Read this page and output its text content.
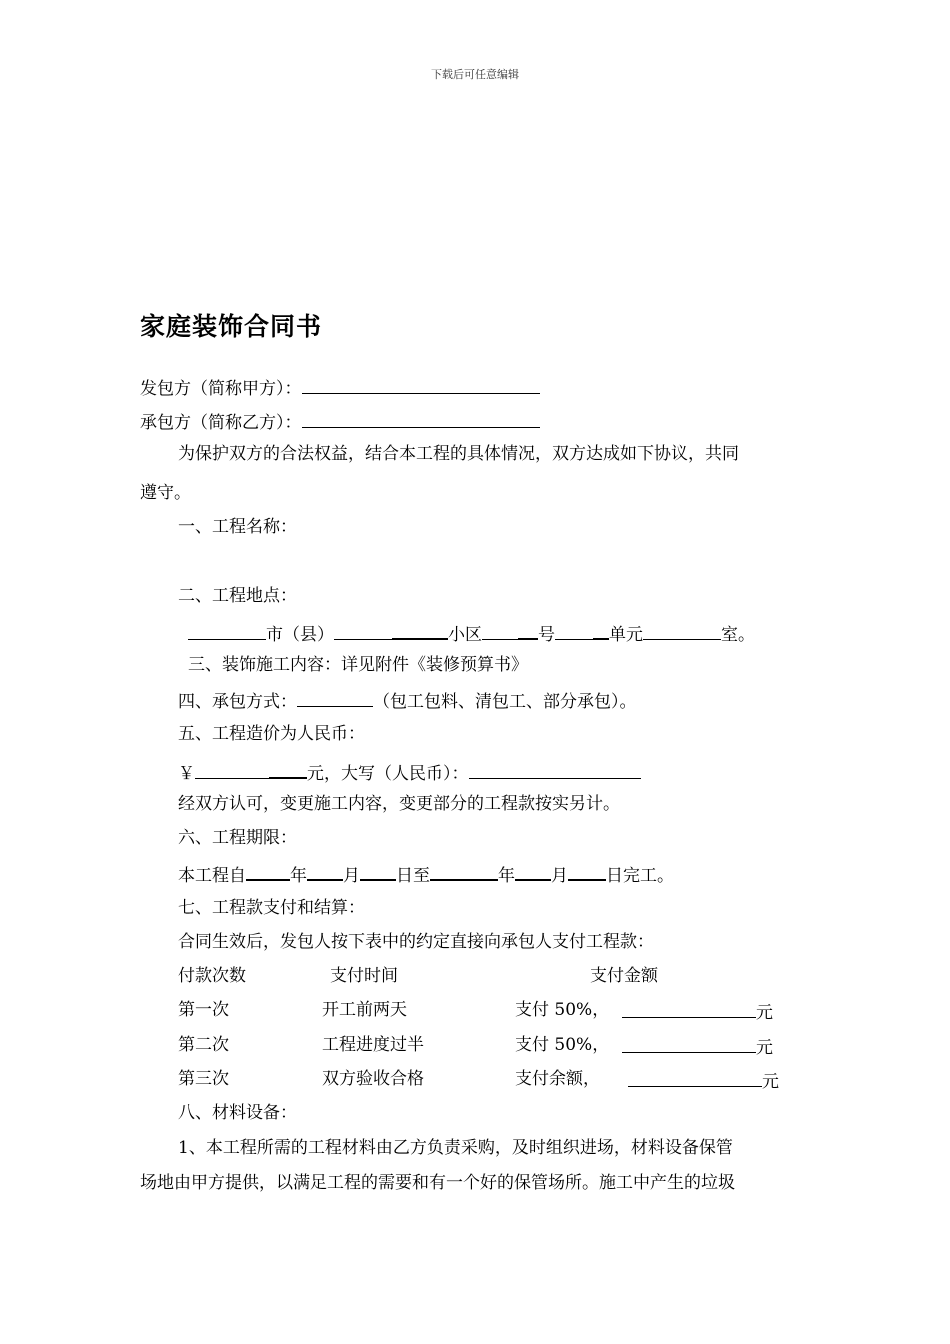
下载后可任意编辑
家庭装饰合同书
发包方（简称甲方）：
承包方（简称乙方）：
为保护双方的合法权益，结合本工程的具体情况，双方达成如下协议，共同
遵守。
一、工程名称：
二、工程地点：
市（县）	小区	号	单元	室。
三、装饰施工内容：详见附件《装修预算书》
四、承包方式：	（包工包料、清包工、部分承包）。
五、工程造价为人民币：
￥	元，大写（人民币）：
经双方认可，变更施工内容，变更部分的工程款按实另计。
六、工程期限：
本工程自	年 月 日至	年 月 日完工。
七、工程款支付和结算：
合同生效后，发包人按下表中的约定直接向承包人支付工程款：
付款次数	支付时间	支付金额
第一次	开工前两天	支付 50%，	元
第二次	工程进度过半	支付 50%，	元
第三次	双方验收合格	支付余额，	元
八、材料设备：
1、本工程所需的工程材料由乙方负责采购，及时组织进场，材料设备保管
场地由甲方提供，以满足工程的需要和有一个好的保管场所。施工中产生的垃圾
